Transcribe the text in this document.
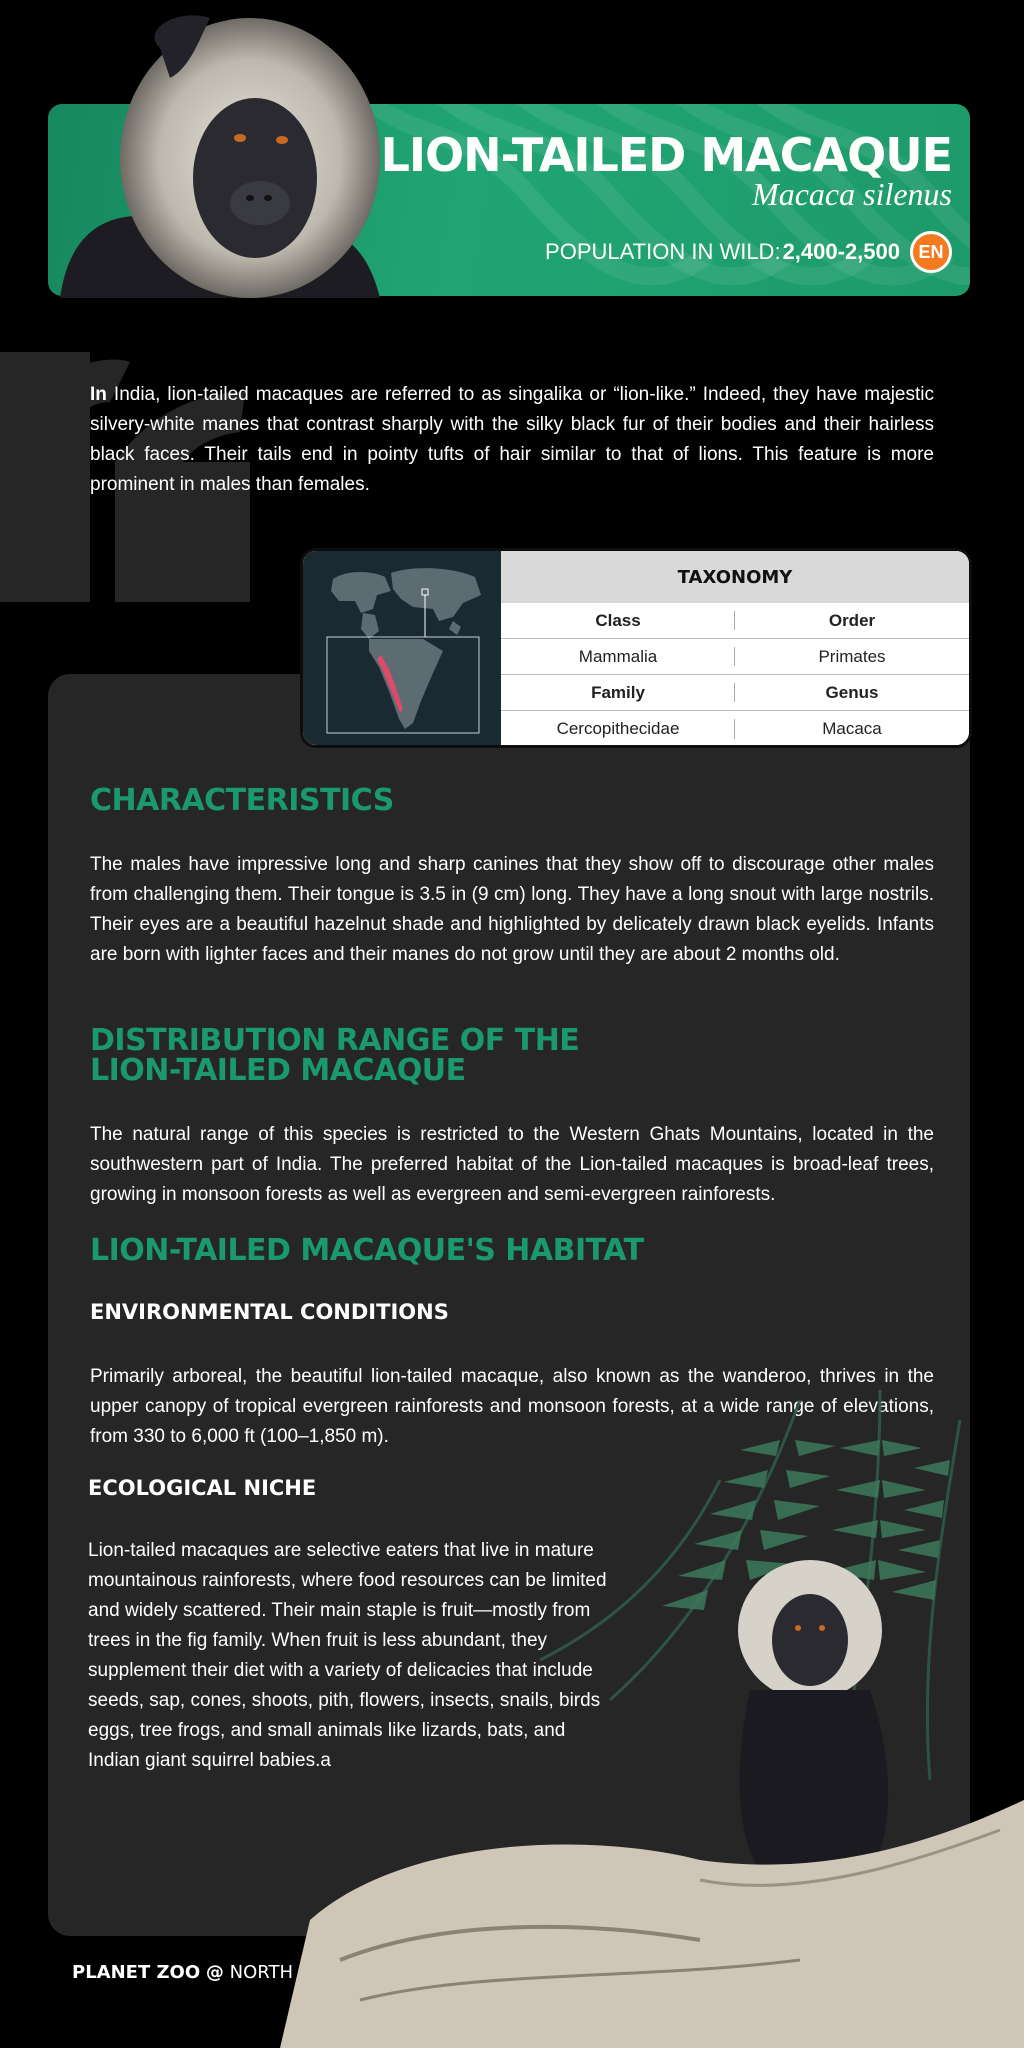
LION-TAILED MACAQUE
Macaca silenus
POPULATION IN WILD: 2,400-2,500	EN

In India, lion-tailed macaques are referred to as singalika or “lion-like.” Indeed, they have majestic silvery-white manes that contrast sharply with the silky black fur of their bodies and their hairless black faces. Their tails end in pointy tufts of hair similar to that of lions. This feature is more prominent in males than females.

TAXONOMY
Class	Order
Mammalia	Primates
Family	Genus
Cercopithecidae	Macaca
CHARACTERISTICS

The males have impressive long and sharp canines that they show off to discourage other males from challenging them. Their tongue is 3.5 in (9 cm) long. They have a long snout with large nostrils. Their eyes are a beautiful hazelnut shade and highlighted by delicately drawn black eyelids. Infants are born with lighter faces and their manes do not grow until they are about 2 months old.

DISTRIBUTION RANGE OF THE
LION-TAILED MACAQUE

The natural range of this species is restricted to the Western Ghats Mountains, located in the southwestern part of India. The preferred habitat of the Lion-tailed macaques is broad-leaf trees, growing in monsoon forests as well as evergreen and semi-evergreen rainforests.

LION-TAILED MACAQUE'S HABITAT
ENVIRONMENTAL CONDITIONS

Primarily arboreal, the beautiful lion-tailed macaque, also known as the wanderoo, thrives in the upper canopy of tropical evergreen rainforests and monsoon forests, at a wide range of elevations, from 330 to 6,000 ft (100–1,850 m).

ECOLOGICAL NICHE

Lion-tailed macaques are selective eaters that live in mature mountainous rainforests, where food resources can be limited and widely scattered. Their main staple is fruit—mostly from trees in the fig family. When fruit is less abundant, they supplement their diet with a variety of delicacies that include seeds, sap, cones, shoots, pith, flowers, insects, snails, birds eggs, tree frogs, and small animals like lizards, bats, and Indian giant squirrel babies.a

PLANET ZOO @ NORTH
